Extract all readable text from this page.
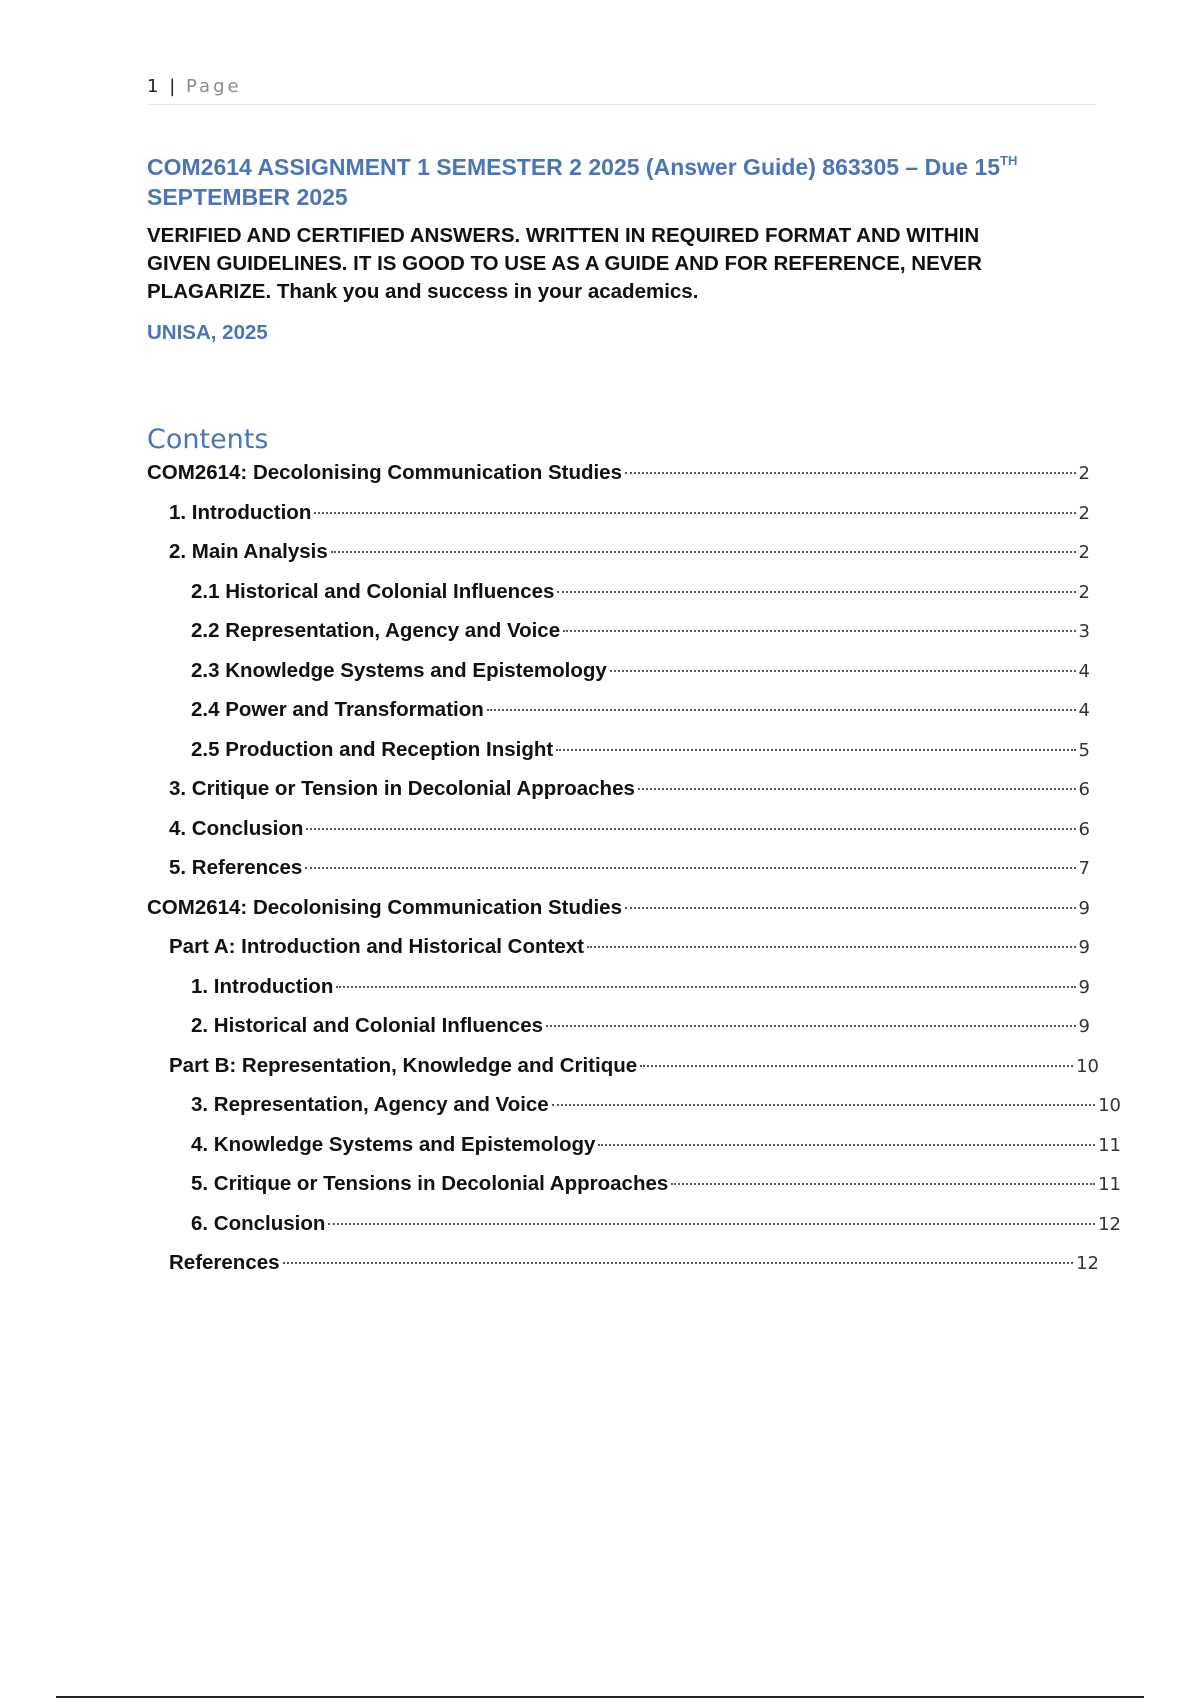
1 | Page
COM2614 ASSIGNMENT 1 SEMESTER 2 2025 (Answer Guide) 863305 – Due 15TH
SEPTEMBER 2025
VERIFIED AND CERTIFIED ANSWERS. WRITTEN IN REQUIRED FORMAT AND WITHIN
GIVEN GUIDELINES. IT IS GOOD TO USE AS A GUIDE AND FOR REFERENCE, NEVER
PLAGARIZE. Thank you and success in your academics.
UNISA, 2025
Contents
COM2614: Decolonising Communication Studies	2
1. Introduction	2
2. Main Analysis	2
2.1 Historical and Colonial Influences	2
2.2 Representation, Agency and Voice	3
2.3 Knowledge Systems and Epistemology	4
2.4 Power and Transformation	4
2.5 Production and Reception Insight	5
3. Critique or Tension in Decolonial Approaches	6
4. Conclusion	6
5. References	7
COM2614: Decolonising Communication Studies	9
Part A: Introduction and Historical Context	9
1. Introduction	9
2. Historical and Colonial Influences	9
Part B: Representation, Knowledge and Critique	10
3. Representation, Agency and Voice	10
4. Knowledge Systems and Epistemology	11
5. Critique or Tensions in Decolonial Approaches	11
6. Conclusion	12
References	12
